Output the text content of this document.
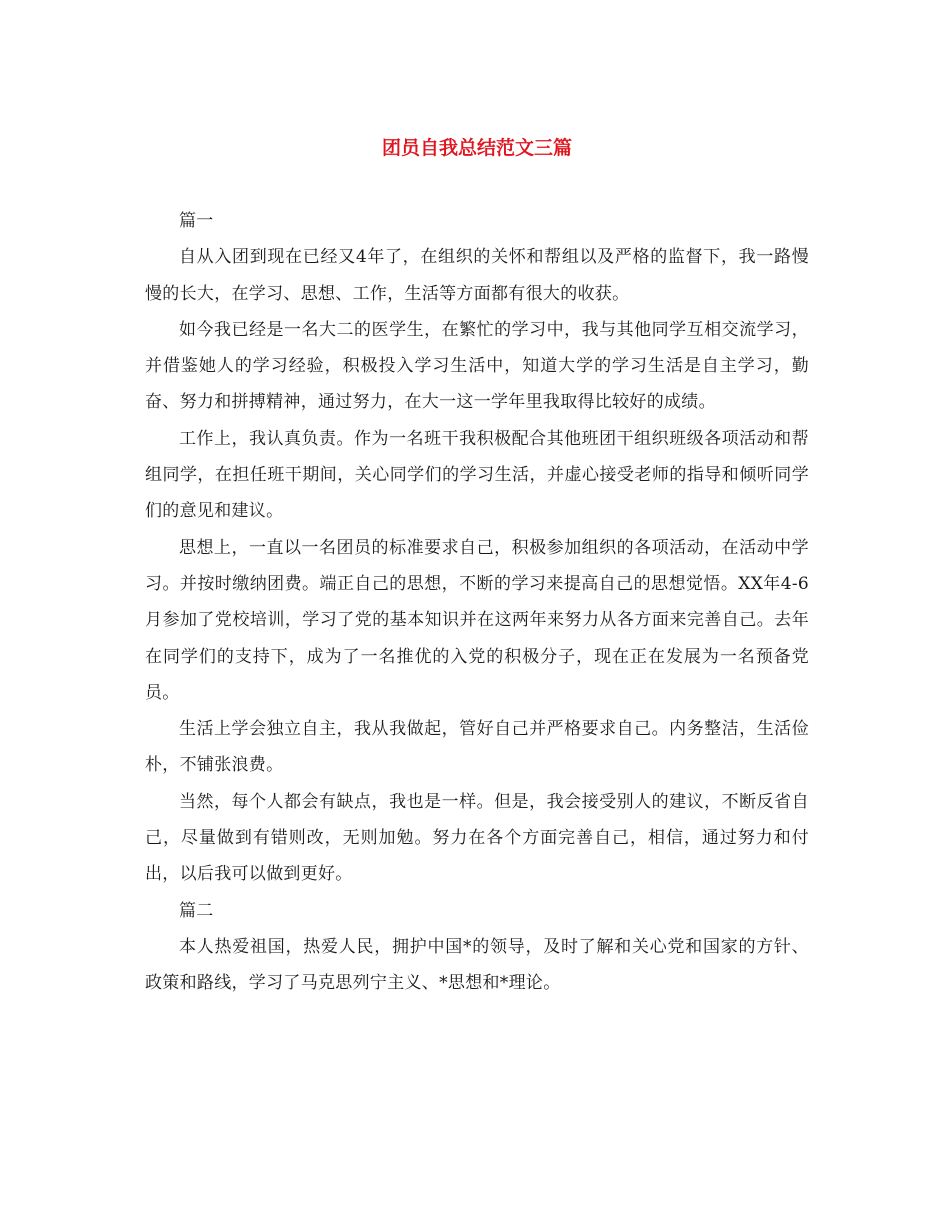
团员自我总结范文三篇

篇一

自从入团到现在已经又4年了，在组织的关怀和帮组以及严格的监督下，我一路慢慢的长大，在学习、思想、工作，生活等方面都有很大的收获。

如今我已经是一名大二的医学生，在繁忙的学习中，我与其他同学互相交流学习，并借鉴她人的学习经验，积极投入学习生活中，知道大学的学习生活是自主学习，勤奋、努力和拼搏精神，通过努力，在大一这一学年里我取得比较好的成绩。

工作上，我认真负责。作为一名班干我积极配合其他班团干组织班级各项活动和帮组同学，在担任班干期间，关心同学们的学习生活，并虚心接受老师的指导和倾听同学们的意见和建议。

思想上，一直以一名团员的标准要求自己，积极参加组织的各项活动，在活动中学习。并按时缴纳团费。端正自己的思想，不断的学习来提高自己的思想觉悟。XX年4-6月参加了党校培训，学习了党的基本知识并在这两年来努力从各方面来完善自己。去年在同学们的支持下，成为了一名推优的入党的积极分子，现在正在发展为一名预备党员。

生活上学会独立自主，我从我做起，管好自己并严格要求自己。内务整洁，生活俭朴，不铺张浪费。

当然，每个人都会有缺点，我也是一样。但是，我会接受别人的建议，不断反省自己，尽量做到有错则改，无则加勉。努力在各个方面完善自己，相信，通过努力和付出，以后我可以做到更好。

篇二

本人热爱祖国，热爱人民，拥护中国*的领导，及时了解和关心党和国家的方针、政策和路线，学习了马克思列宁主义、*思想和*理论。
